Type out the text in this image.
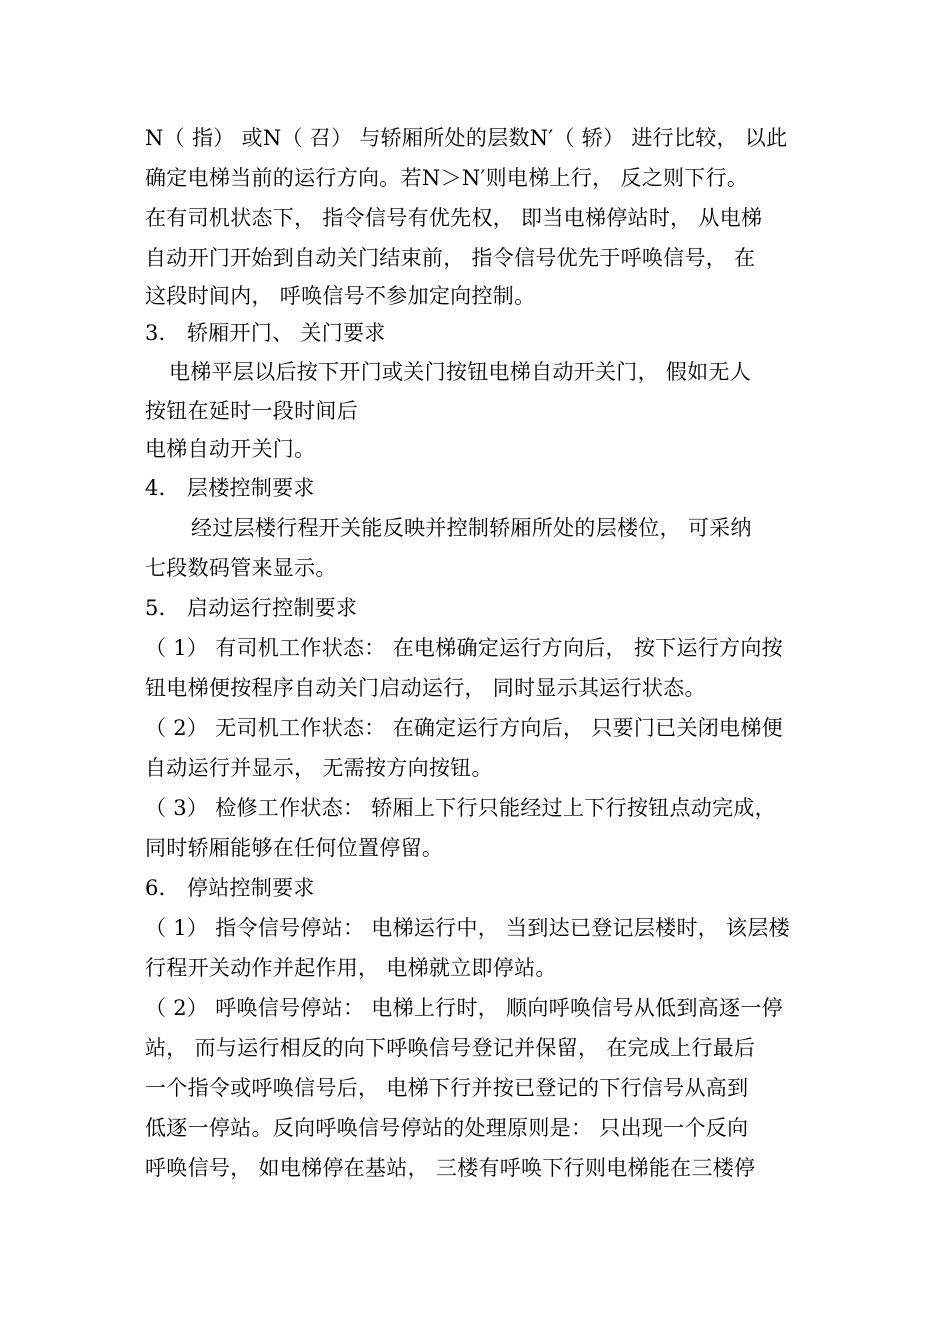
N（ 指） 或N（ 召） 与轿厢所处的层数N′（ 轿） 进行比较， 以此
确定电梯当前的运行方向。若N＞N′则电梯上行， 反之则下行。
在有司机状态下， 指令信号有优先权， 即当电梯停站时， 从电梯
自动开门开始到自动关门结束前， 指令信号优先于呼唤信号， 在
这段时间内， 呼唤信号不参加定向控制。
3． 轿厢开门、 关门要求
电梯平层以后按下开门或关门按钮电梯自动开关门， 假如无人
按钮在延时一段时间后
电梯自动开关门。
4． 层楼控制要求
经过层楼行程开关能反映并控制轿厢所处的层楼位， 可采纳
七段数码管来显示。
5． 启动运行控制要求
（ 1） 有司机工作状态： 在电梯确定运行方向后， 按下运行方向按
钮电梯便按程序自动关门启动运行， 同时显示其运行状态。
（ 2） 无司机工作状态： 在确定运行方向后， 只要门已关闭电梯便
自动运行并显示， 无需按方向按钮。
（ 3） 检修工作状态： 轿厢上下行只能经过上下行按钮点动完成，
同时轿厢能够在任何位置停留。
6． 停站控制要求
（ 1） 指令信号停站： 电梯运行中， 当到达已登记层楼时， 该层楼
行程开关动作并起作用， 电梯就立即停站。
（ 2） 呼唤信号停站： 电梯上行时， 顺向呼唤信号从低到高逐一停
站， 而与运行相反的向下呼唤信号登记并保留， 在完成上行最后
一个指令或呼唤信号后， 电梯下行并按已登记的下行信号从高到
低逐一停站。反向呼唤信号停站的处理原则是： 只出现一个反向
呼唤信号， 如电梯停在基站， 三楼有呼唤下行则电梯能在三楼停
